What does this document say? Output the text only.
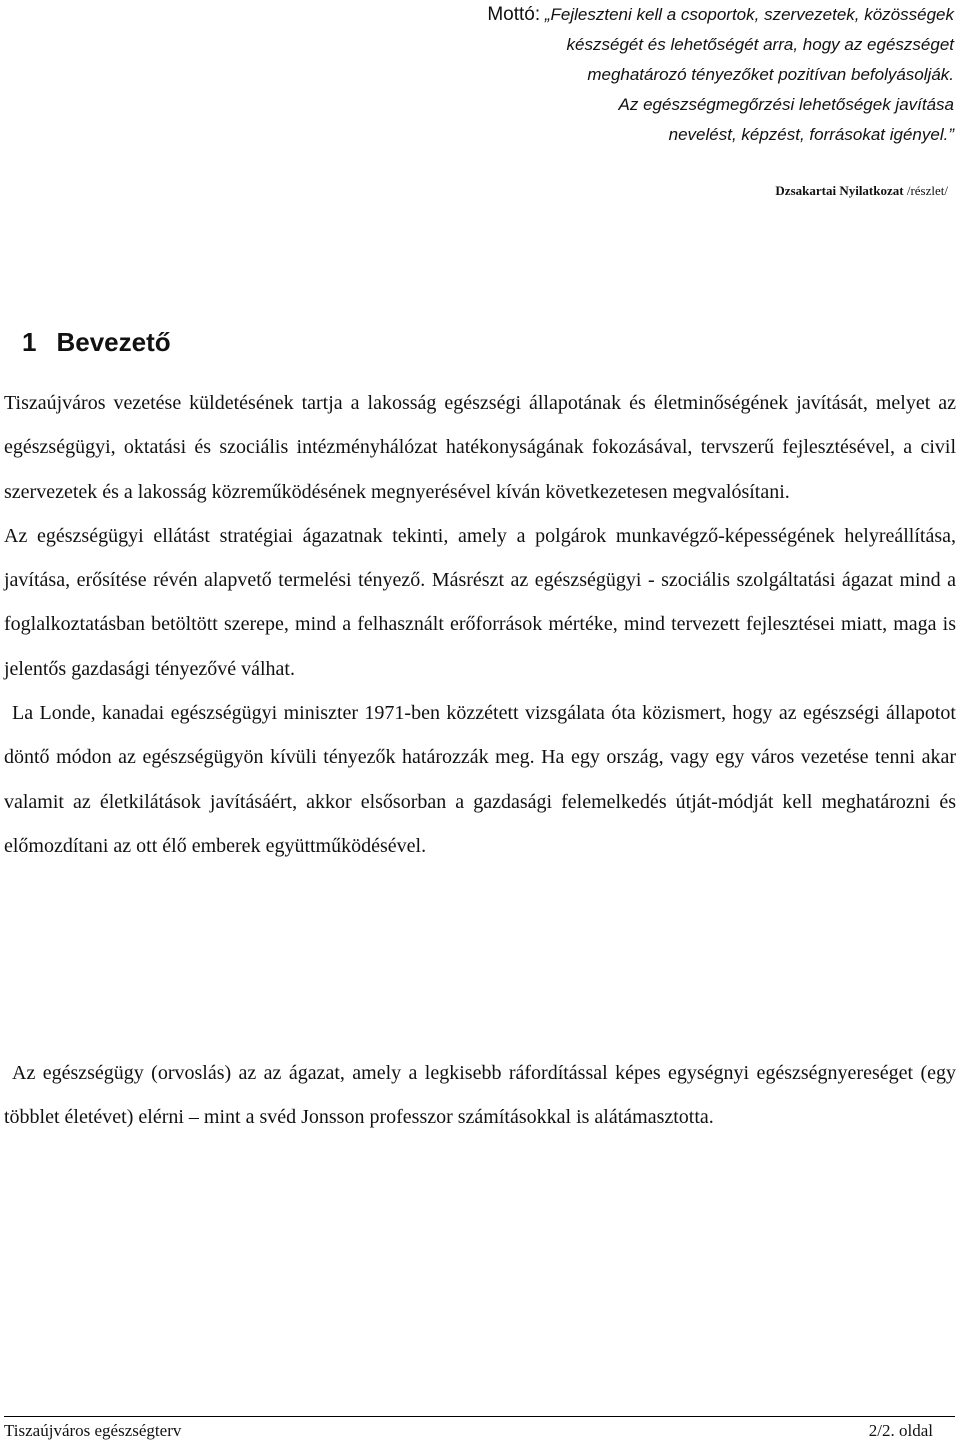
Mottó: „Fejleszteni kell a csoportok, szervezetek, közösségek
készségét és lehetőségét arra, hogy az egészséget
meghatározó tényezőket pozitívan befolyásolják.
Az egészségmegőrzési lehetőségek javítása
nevelést, képzést, forrásokat igényel.”
Dzsakartai Nyilatkozat /részlet/
1 Bevezető

Tiszaújváros vezetése küldetésének tartja a lakosság egészségi állapotának és életminőségének javítását, melyet az egészségügyi, oktatási és szociális intézményhálózat hatékonyságának fokozásával, tervszerű fejlesztésével, a civil szervezetek és a lakosság közreműködésének megnyerésével kíván következetesen megvalósítani.

Az egészségügyi ellátást stratégiai ágazatnak tekinti, amely a polgárok munkavégző-képességének helyreállítása, javítása, erősítése révén alapvető termelési tényező. Másrészt az egészségügyi - szociális szolgáltatási ágazat mind a foglalkoztatásban betöltött szerepe, mind a felhasznált erőforrások mértéke, mind tervezett fejlesztései miatt, maga is jelentős gazdasági tényezővé válhat.

La Londe, kanadai egészségügyi miniszter 1971-ben közzétett vizsgálata óta közismert, hogy az egészségi állapotot döntő módon az egészségügyön kívüli tényezők határozzák meg. Ha egy ország, vagy egy város vezetése tenni akar valamit az életkilátások javításáért, akkor elsősorban a gazdasági felemelkedés útját-módját kell meghatározni és előmozdítani az ott élő emberek együttműködésével.

Az egészségügy (orvoslás) az az ágazat, amely a legkisebb ráfordítással képes egységnyi egészségnyereséget (egy többlet életévet) elérni – mint a svéd Jonsson professzor számításokkal is alátámasztotta.

Tiszaújváros egészségterv	2/2. oldal
